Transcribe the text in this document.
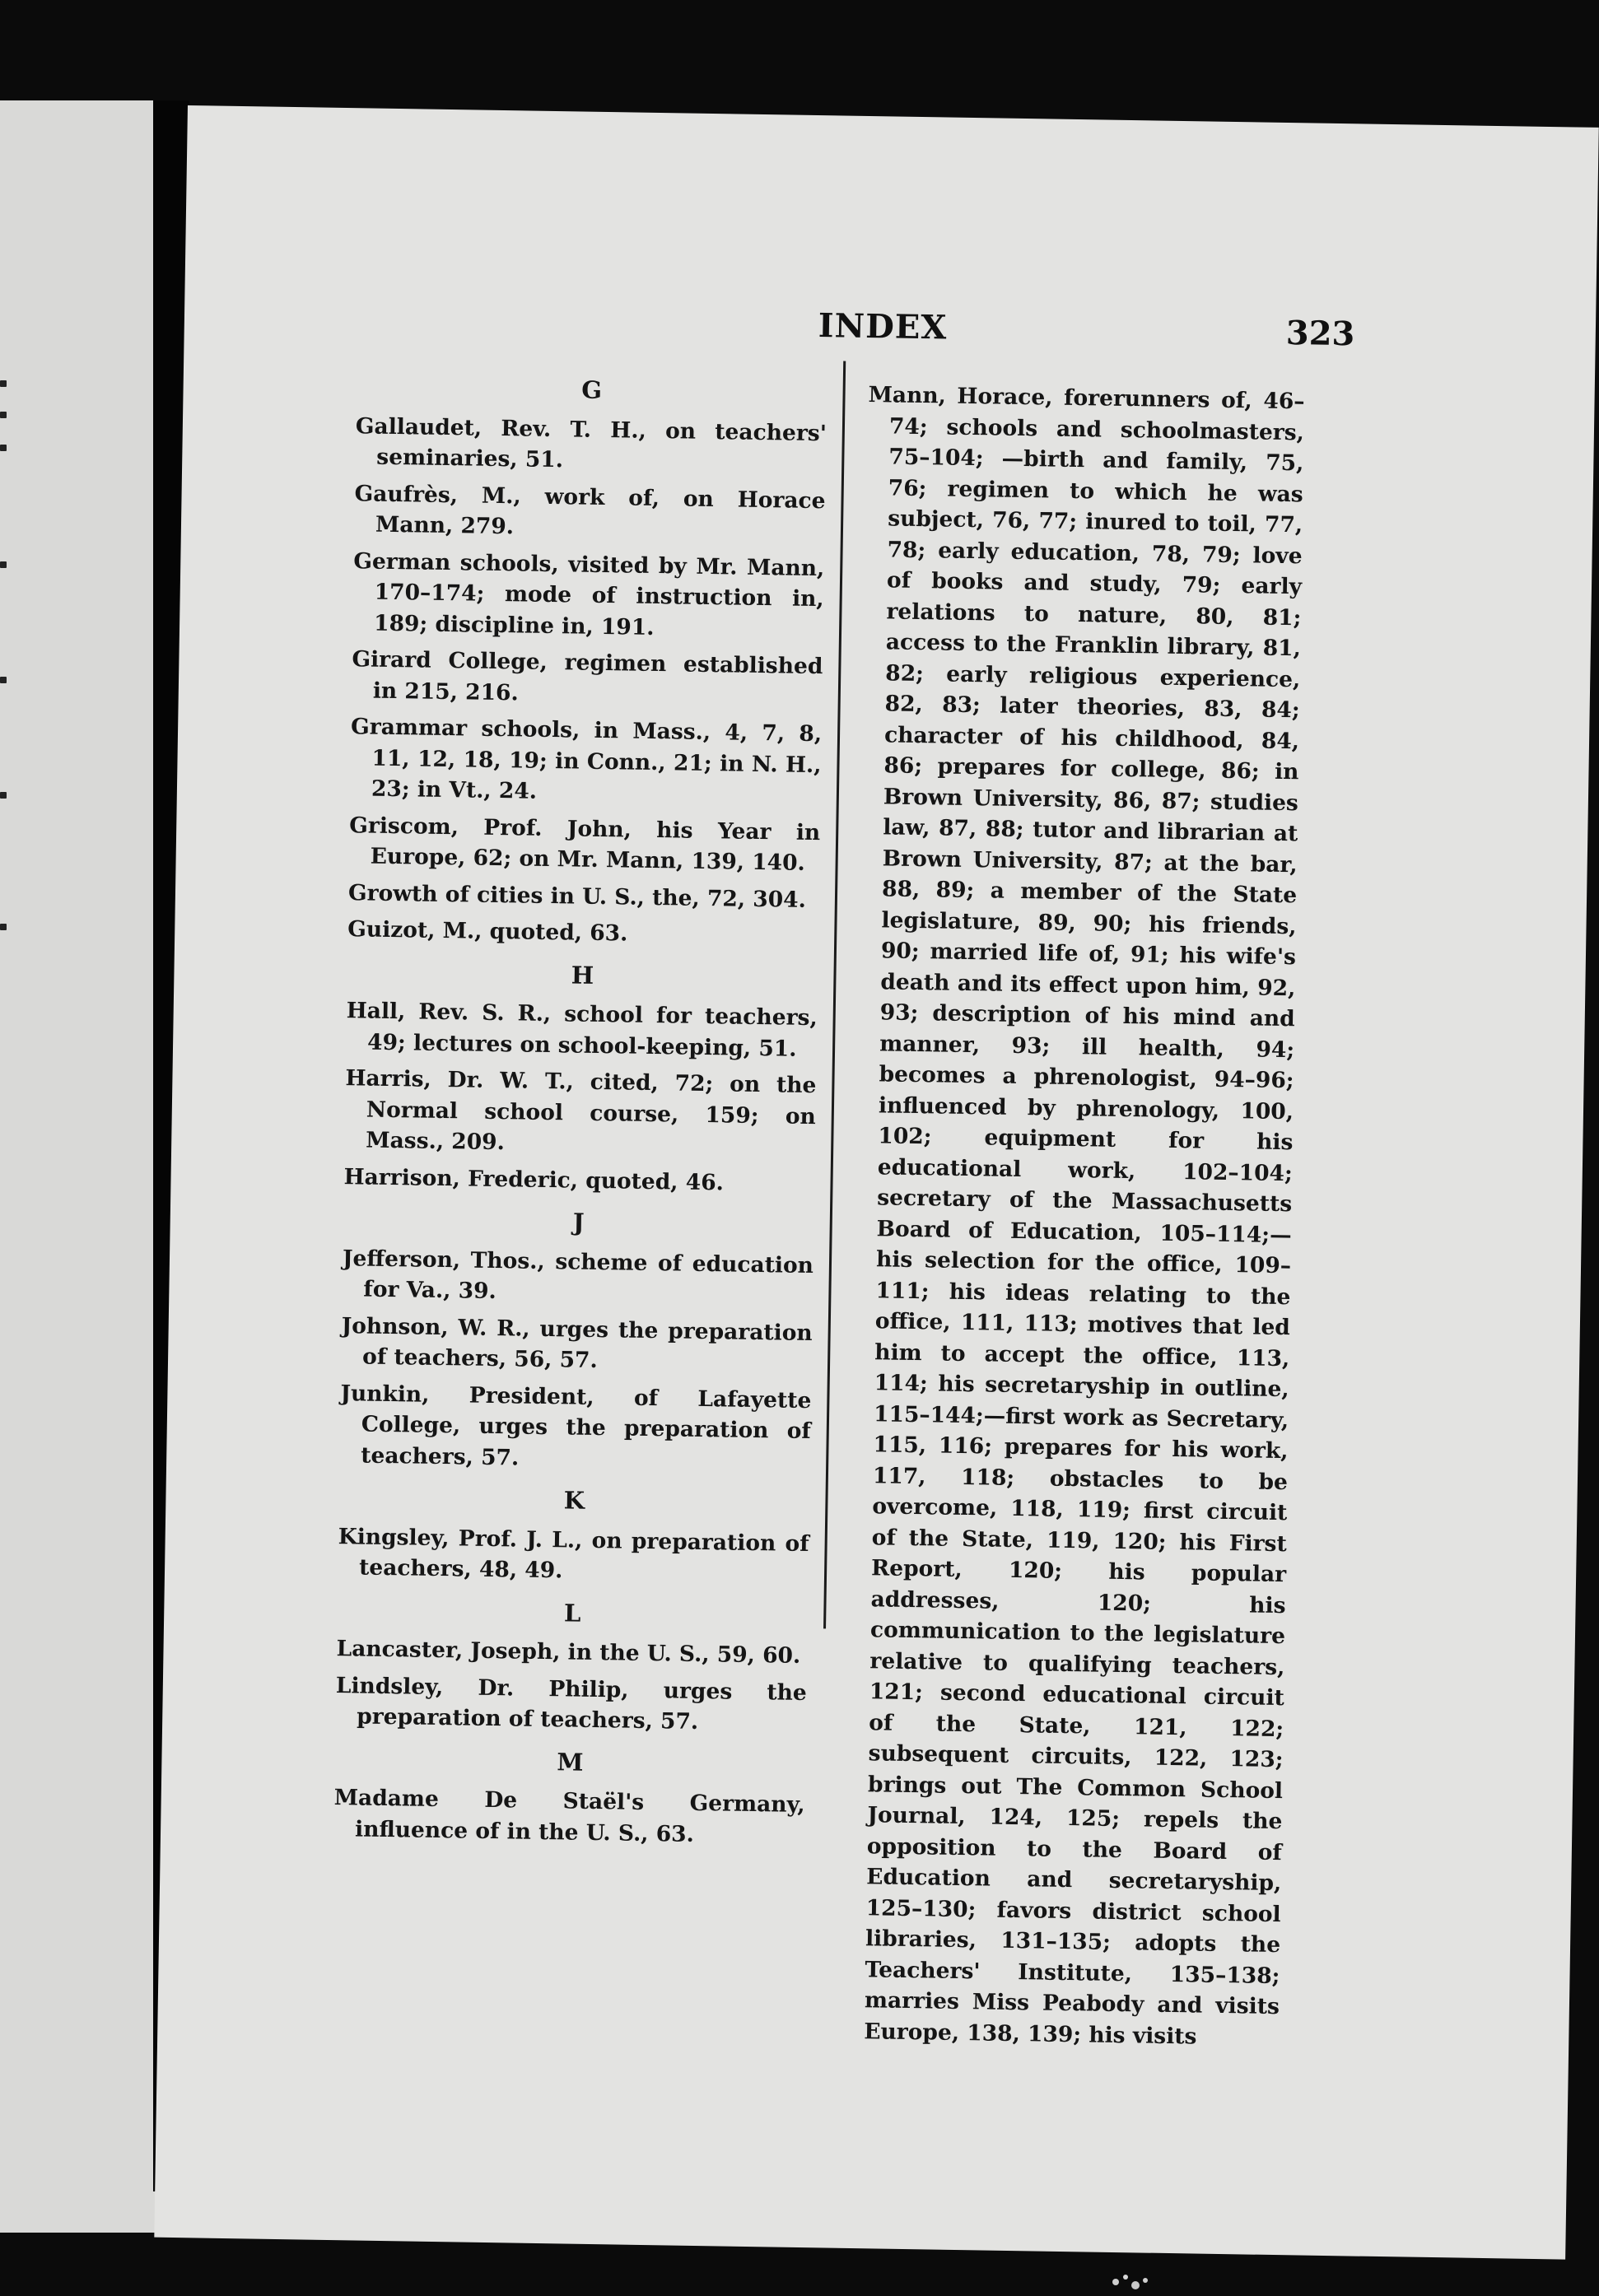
INDEX	323
G
Gallaudet, Rev. T. H., on teachers' seminaries, 51.
Gaufrès, M., work of, on Horace Mann, 279.
German schools, visited by Mr. Mann, 170–174; mode of instruction in, 189; discipline in, 191.
Girard College, regimen established in 215, 216.
Grammar schools, in Mass., 4, 7, 8, 11, 12, 18, 19; in Conn., 21; in N. H., 23; in Vt., 24.
Griscom, Prof. John, his Year in Europe, 62; on Mr. Mann, 139, 140.
Growth of cities in U. S., the, 72, 304.
Guizot, M., quoted, 63.
H
Hall, Rev. S. R., school for teachers, 49; lectures on school-keeping, 51.
Harris, Dr. W. T., cited, 72; on the Normal school course, 159; on Mass., 209.
Harrison, Frederic, quoted, 46.
J
Jefferson, Thos., scheme of education for Va., 39.
Johnson, W. R., urges the preparation of teachers, 56, 57.
Junkin, President, of Lafayette College, urges the preparation of teachers, 57.
K
Kingsley, Prof. J. L., on preparation of teachers, 48, 49.
L
Lancaster, Joseph, in the U. S., 59, 60.
Lindsley, Dr. Philip, urges the preparation of teachers, 57.
M
Madame De Staël's Germany, influence of in the U. S., 63.
Mann, Horace, forerunners of, 46–74; schools and schoolmasters, 75–104; —birth and family, 75, 76; regimen to which he was subject, 76, 77; inured to toil, 77, 78; early education, 78, 79; love of books and study, 79; early relations to nature, 80, 81; access to the Franklin library, 81, 82; early religious experience, 82, 83; later theories, 83, 84; character of his childhood, 84, 86; prepares for college, 86; in Brown University, 86, 87; studies law, 87, 88; tutor and librarian at Brown University, 87; at the bar, 88, 89; a member of the State legislature, 89, 90; his friends, 90; married life of, 91; his wife's death and its effect upon him, 92, 93; description of his mind and manner, 93; ill health, 94; becomes a phrenologist, 94–96; influenced by phrenology, 100, 102; equipment for his educational work, 102–104; secretary of the Massachusetts Board of Education, 105–114;—his selection for the office, 109–111; his ideas relating to the office, 111, 113; motives that led him to accept the office, 113, 114; his secretaryship in outline, 115–144;—first work as Secretary, 115, 116; prepares for his work, 117, 118; obstacles to be overcome, 118, 119; first circuit of the State, 119, 120; his First Report, 120; his popular addresses, 120; his communication to the legislature relative to qualifying teachers, 121; second educational circuit of the State, 121, 122; subsequent circuits, 122, 123; brings out The Common School Journal, 124, 125; repels the opposition to the Board of Education and secretaryship, 125–130; favors district school libraries, 131–135; adopts the Teachers' Institute, 135–138; marries Miss Peabody and visits Europe, 138, 139; his visits
